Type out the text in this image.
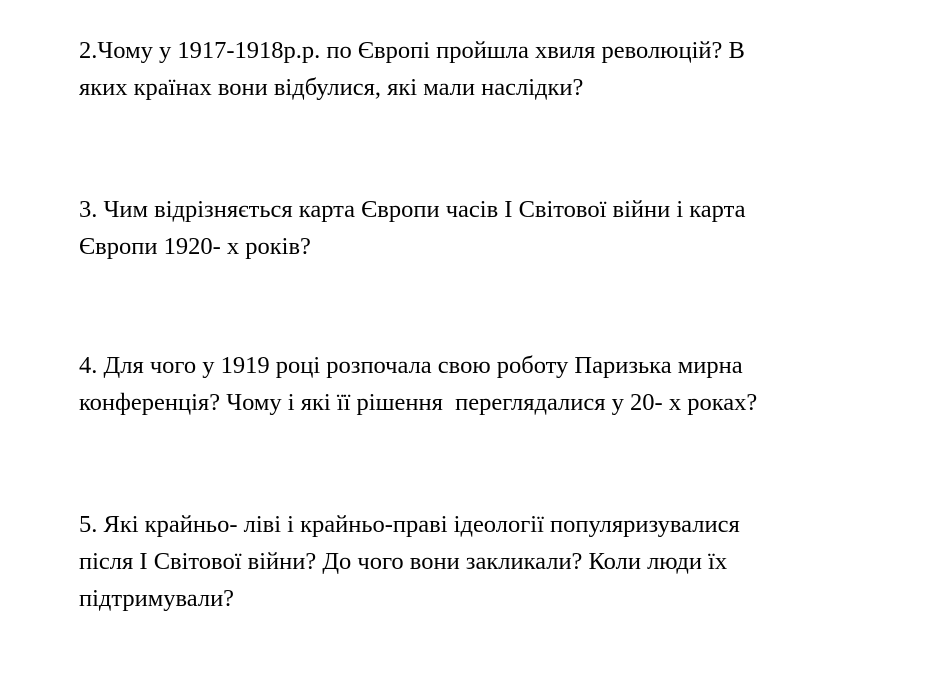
2.Чому у 1917-1918р.р. по Європі пройшла хвиля революцій? В
яких країнах вони відбулися, які мали наслідки?

3. Чим відрізняється карта Європи часів І Світової війни і карта
Європи 1920- х років?

4. Для чого у 1919 році розпочала свою роботу Паризька мирна
конференція? Чому і які її рішення  переглядалися у 20- х роках?

5. Які крайньо- ліві і крайньо-праві ідеології популяризувалися
після І Світової війни? До чого вони закликали? Коли люди їх
підтримували?
